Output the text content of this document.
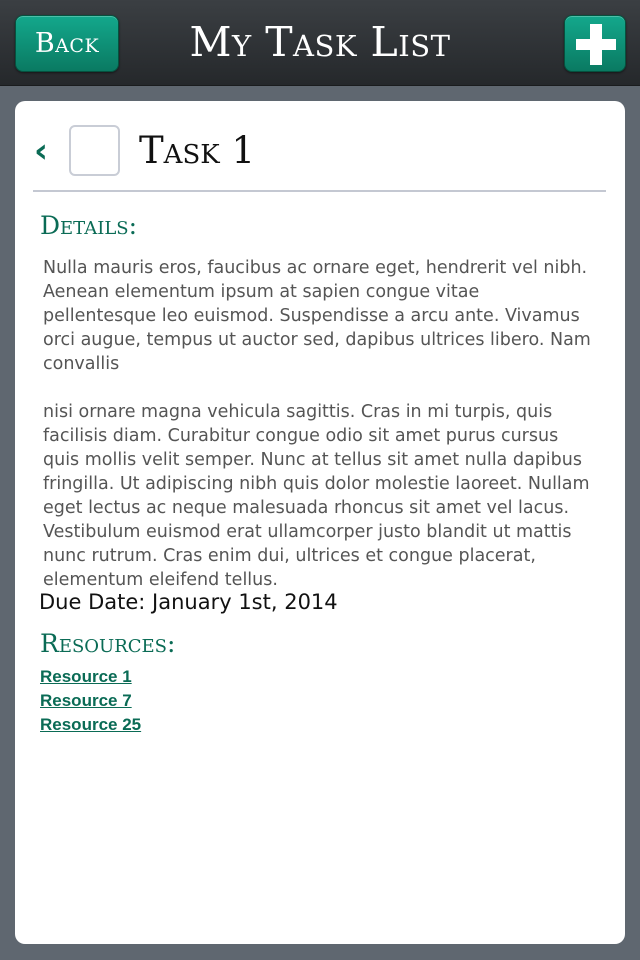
Back	My Task List
‹ Task 1
Details:

Nulla mauris eros, faucibus ac ornare eget, hendrerit vel nibh. Aenean elementum ipsum at sapien congue vitae pellentesque leo euismod. Suspendisse a arcu ante. Vivamus orci augue, tempus ut auctor sed, dapibus ultrices libero. Nam convallis

nisi ornare magna vehicula sagittis. Cras in mi turpis, quis facilisis diam. Curabitur congue odio sit amet purus cursus quis mollis velit semper. Nunc at tellus sit amet nulla dapibus fringilla. Ut adipiscing nibh quis dolor molestie laoreet. Nullam eget lectus ac neque malesuada rhoncus sit amet vel lacus. Vestibulum euismod erat ullamcorper justo blandit ut mattis nunc rutrum. Cras enim dui, ultrices et congue placerat, elementum eleifend tellus.

Due Date: January 1st, 2014
Resources:
Resource 1
Resource 7
Resource 25
